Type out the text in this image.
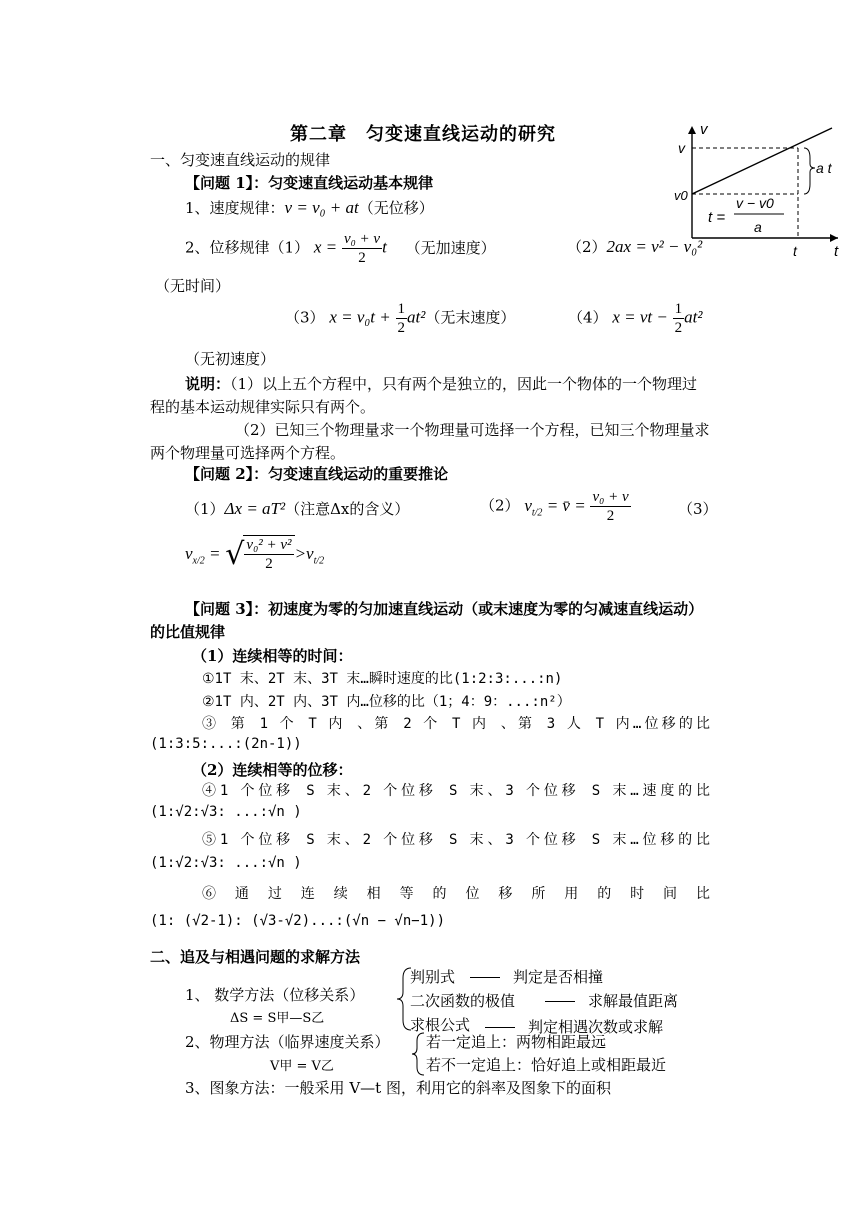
第二章　匀变速直线运动的研究	v
t
v
v0
t
a t
t =
v − v0
a
一、匀变速直线运动的规律
【问题 1】：匀变速直线运动基本规律
1、速度规律：v = v₀ + at（无位移）
2、位移规律（1） $x = \frac{\text{v₀ + v}}{2}$ t （无加速度）	（2）2ax = v² − v₀²
（无时间）
（3） $x = v_0t + \frac{1}{2} at^2$（无末速度）	（4） x = vt − $\frac{1}{2} at^2$
（无初速度）
说明：（1）以上五个方程中，只有两个是独立的，因此一个物体的一个物理过程的基本运动规律实际只有两个。
（2）已知三个物理量求一个物理量可选择一个方程，已知三个物理量求两个物理量可选择两个方程。
【问题 2】：匀变速直线运动的重要推论
（1）Δx = aT²（注意Δx的含义）	（2） $v_{t/2}$ = v̄ = $\frac{\text{v₀ + v}}{2}$	（3）
$v_{x/2}$ = √ $\frac{\text{v₀² + v²}}{2} >v_{t/2}$
【问题 3】：初速度为零的匀加速直线运动（或末速度为零的匀减速直线运动）的比值规律
（1）连续相等的时间：
①1T 末、2T 末、3T 末…瞬时速度的比(1:2:3:...:n)
②1T 内、2T 内、3T 内…位移的比（1；4：9：...:n²）
③ 第 1 个 T 内 、第 2 个 T 内 、第 3 人 T 内…位移的比
(1:3:5:...:(2n-1))
（2）连续相等的位移：
④1 个位移 S 末、2 个位移 S 末、3 个位移 S 末…速度的比
(1:√2:√3: ...:√n )
⑤1 个位移 S 末、2 个位移 S 末、3 个位移 S 末…位移的比
(1:√2:√3: ...:√n )
⑥ 通 过 连 续 相 等 的 位 移 所 用 的 时 间 比
(1: (√2-1): (√3-√2)...:(√n − √n−1))
二、追及与相遇问题的求解方法
1、 数学方法（位移关系）
ΔS = S甲—S乙
判别式
二次函数的极值
求根公式
判定是否相撞
求解最值距离
判定相遇次数或求解
2、物理方法（临界速度关系）
V甲 = V乙
若一定追上：两物相距最远
若不一定追上：恰好追上或相距最近
3、图象方法：一般采用 V—t 图，利用它的斜率及图象下的面积
